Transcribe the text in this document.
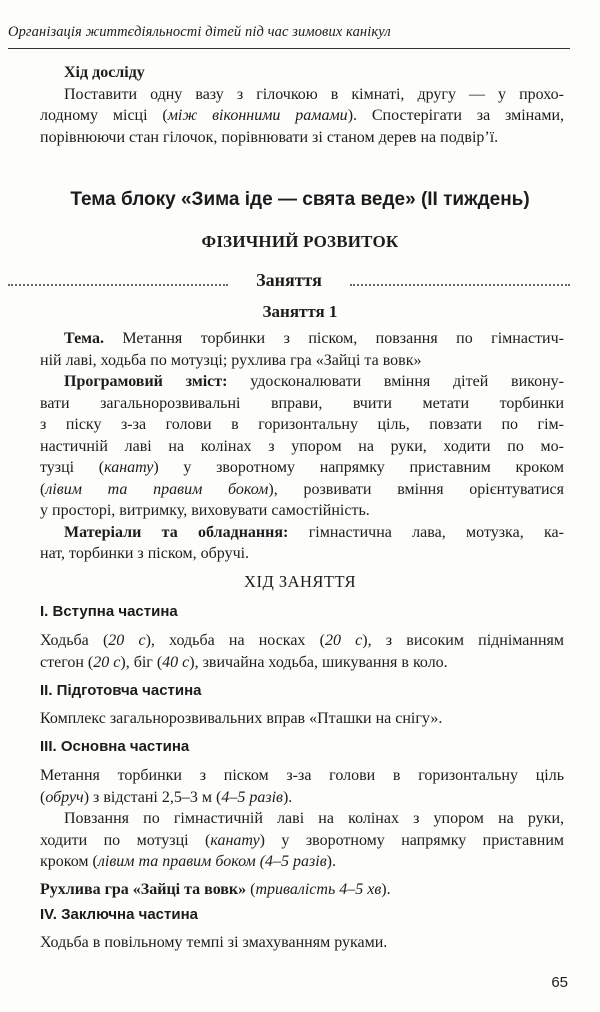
Організація життєдіяльності дітей під час зимових канікул
Хід досліду
Поставити одну вазу з гілочкою в кімнаті, другу — у прохо-
лодному місці (між віконними рамами). Спостерігати за змінами,
порівнюючи стан гілочок, порівнювати зі станом дерев на подвір’ї.
Тема блоку «Зима іде — свята веде» (ІІ тиждень)
ФІЗИЧНИЙ РОЗВИТОК
Заняття
Заняття 1
Тема. Метання торбинки з піском, повзання по гімнастич-
ній лаві, ходьба по мотузці; рухлива гра «Зайці та вовк»
Програмовий зміст: удосконалювати вміння дітей викону-
вати загальнорозвивальні вправи, вчити метати торбинки
з піску з-за голови в горизонтальну ціль, повзати по гім-
настичній лаві на колінах з упором на руки, ходити по мо-
тузці (канату) у зворотному напрямку приставним кроком
(лівим та правим боком), розвивати вміння орієнтуватися
у просторі, витримку, виховувати самостійність.
Матеріали та обладнання: гімнастична лава, мотузка, ка-
нат, торбинки з піском, обручі.
ХІД ЗАНЯТТЯ
І. Вступна частина
Ходьба (20 с), ходьба на носках (20 с), з високим підніманням
стегон (20 с), біг (40 с), звичайна ходьба, шикування в коло.
ІІ. Підготовча частина
Комплекс загальнорозвивальних вправ «Пташки на снігу».
ІІІ. Основна частина
Метання торбинки з піском з-за голови в горизонтальну ціль
(обруч) з відстані 2,5–3 м (4–5 разів).
Повзання по гімнастичній лаві на колінах з упором на руки,
ходити по мотузці (канату) у зворотному напрямку приставним
кроком (лівим та правим боком (4–5 разів).
Рухлива гра «Зайці та вовк» (тривалість 4–5 хв).
IV. Заключна частина
Ходьба в повільному темпі зі змахуванням руками.
65
